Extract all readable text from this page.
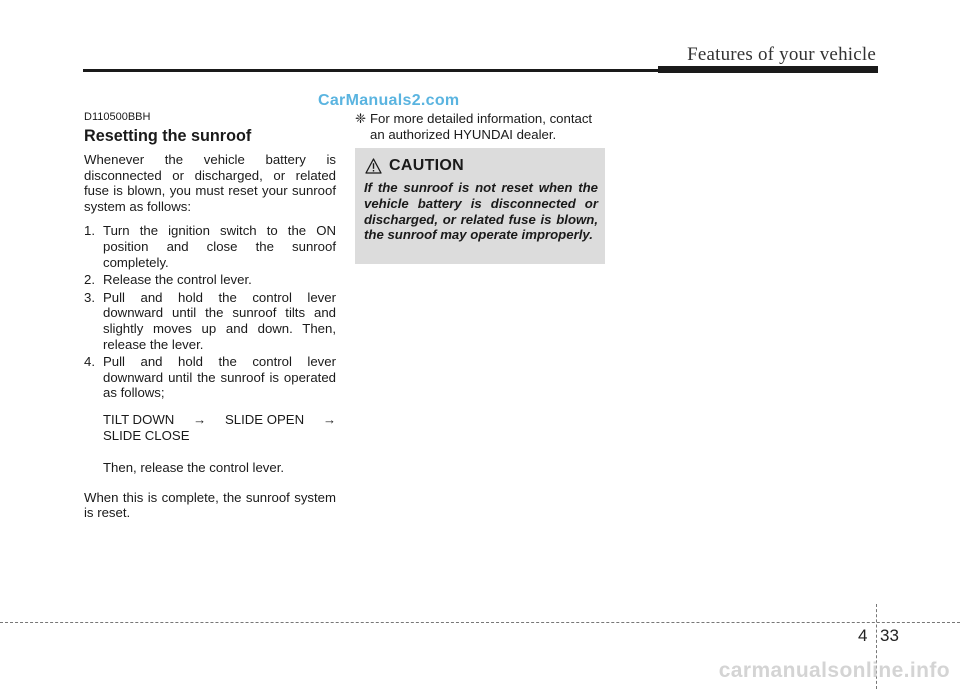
Features of your vehicle
CarManuals2.com
D110500BBH
Resetting the sunroof

Whenever the vehicle battery is disconnected or discharged, or related fuse is blown, you must reset your sunroof system as follows:

1. Turn the ignition switch to the ON position and close the sunroof completely.
2. Release the control lever.
3. Pull and hold the control lever downward until the sunroof tilts and slightly moves up and down. Then, release the lever.
4. Pull and hold the control lever downward until the sunroof is operated as follows;
TILT DOWN → SLIDE OPEN →
SLIDE CLOSE
Then, release the control lever.

When this is complete, the sunroof system is reset.

❈ For more detailed information, contact an authorized HYUNDAI dealer.
CAUTION
If the sunroof is not reset when the vehicle battery is disconnected or discharged, or related fuse is blown, the sunroof may operate improperly.
4 33
carmanualsonline.info
